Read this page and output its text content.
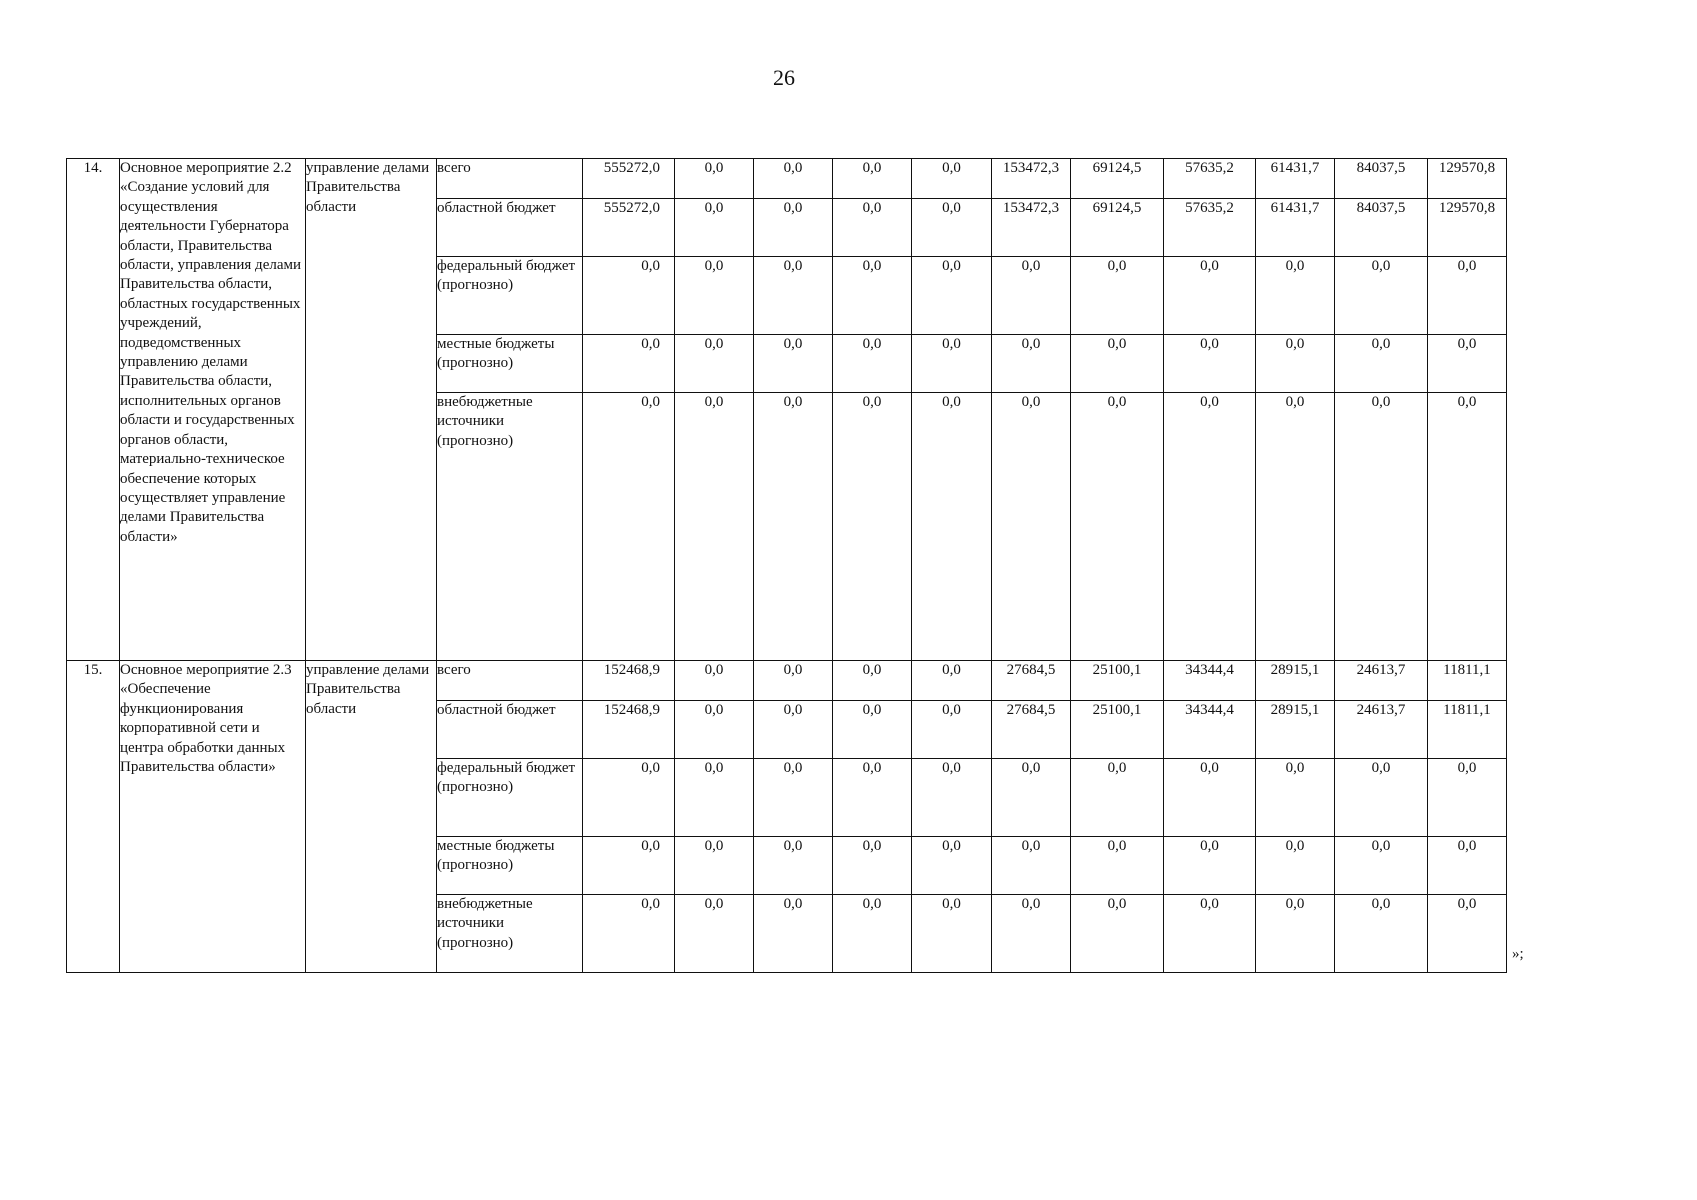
26
14.	Основное мероприятие 2.2 «Создание условий для осуществления деятельности Губернатора области, Правительства области, управления делами Правительства области, областных государственных учреждений, подведомственных управлению делами Правительства области, исполнительных органов области и государственных органов области, материально-техническое обеспечение которых осуществляет управление делами Правительства области»	управление делами Правительства области	всего	555272,0	0,0	0,0	0,0	0,0	153472,3	69124,5	57635,2	61431,7	84037,5	129570,8
			областной бюджет	555272,0	0,0	0,0	0,0	0,0	153472,3	69124,5	57635,2	61431,7	84037,5	129570,8
			федеральный бюджет (прогнозно)	0,0	0,0	0,0	0,0	0,0	0,0	0,0	0,0	0,0	0,0	0,0
			местные бюджеты (прогнозно)	0,0	0,0	0,0	0,0	0,0	0,0	0,0	0,0	0,0	0,0	0,0
			внебюджетные источники (прогнозно)	0,0	0,0	0,0	0,0	0,0	0,0	0,0	0,0	0,0	0,0	0,0
15.	Основное мероприятие 2.3 «Обеспечение функционирования корпоративной сети и центра обработки данных Правительства области»	управление делами Правительства области	всего	152468,9	0,0	0,0	0,0	0,0	27684,5	25100,1	34344,4	28915,1	24613,7	11811,1
			областной бюджет	152468,9	0,0	0,0	0,0	0,0	27684,5	25100,1	34344,4	28915,1	24613,7	11811,1
			федеральный бюджет (прогнозно)	0,0	0,0	0,0	0,0	0,0	0,0	0,0	0,0	0,0	0,0	0,0
			местные бюджеты (прогнозно)	0,0	0,0	0,0	0,0	0,0	0,0	0,0	0,0	0,0	0,0	0,0
			внебюджетные источники (прогнозно)	0,0	0,0	0,0	0,0	0,0	0,0	0,0	0,0	0,0	0,0	0,0
»;
